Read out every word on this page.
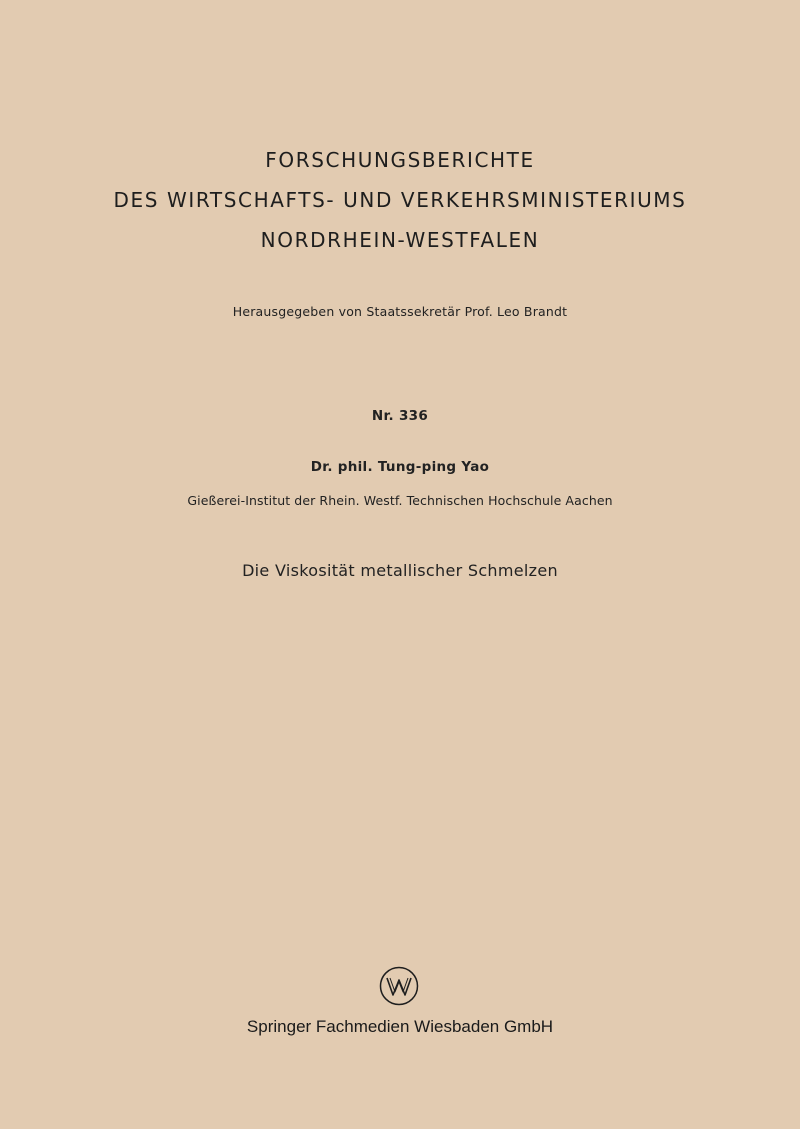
FORSCHUNGSBERICHTE
DES WIRTSCHAFTS- UND VERKEHRSMINISTERIUMS
NORDRHEIN-WESTFALEN
Herausgegeben von Staatssekretär Prof. Leo Brandt
Nr. 336
Dr. phil. Tung-ping Yao
Gießerei-Institut der Rhein. Westf. Technischen Hochschule Aachen
Die Viskosität metallischer Schmelzen
Springer Fachmedien Wiesbaden GmbH
